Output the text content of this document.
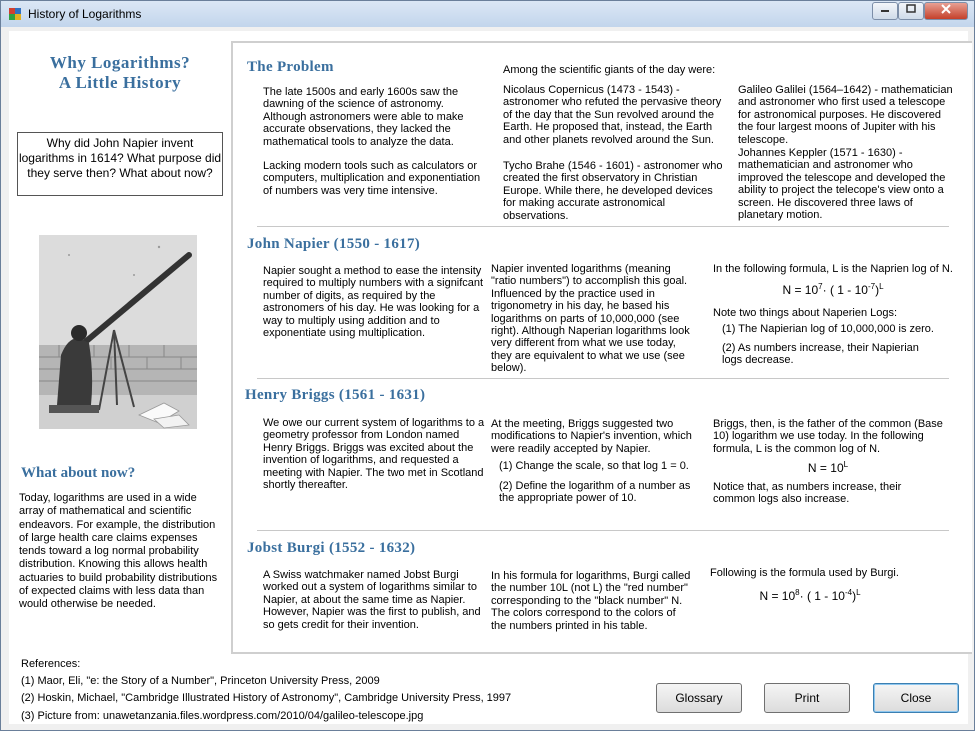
History of Logarithms
Why Logarithms?
A Little History
Why did John Napier invent logarithms in 1614? What purpose did they serve then? What about now?
What about now?
Today, logarithms are used in a wide array of mathematical and scientific endeavors. For example, the distribution of large health care claims expenses tends toward a log normal probability distribution. Knowing this allows health actuaries to build probability distributions of expected claims with less data than would otherwise be needed.
The Problem

The late 1500s and early 1600s saw the dawning of the science of astronomy. Although astronomers were able to make accurate observations, they lacked the mathematical tools to analyze the data.

Lacking modern tools such as calculators or computers, multiplication and exponentiation of numbers was very time intensive.

Among the scientific giants of the day were:
Nicolaus Copernicus (1473 - 1543) - astronomer who refuted the pervasive theory of the day that the Sun revolved around the Earth. He proposed that, instead, the Earth and other planets revolved around the Sun.
Tycho Brahe (1546 - 1601) - astronomer who created the first observatory in Christian Europe. While there, he developed devices for making accurate astronomical observations.
Galileo Galilei (1564–1642) - mathematician and astronomer who first used a telescope for astronomical purposes. He discovered the four largest moons of Jupiter with his telescope.
Johannes Keppler (1571 - 1630) - mathematician and astronomer who improved the telescope and developed the ability to project the telecope's view onto a screen. He discovered three laws of planetary motion.
John Napier (1550 - 1617)
Napier sought a method to ease the intensity required to multiply numbers with a signifcant number of digits, as required by the astronomers of his day. He was looking for a way to multiply using addition and to exponentiate using multiplication.
Napier invented logarithms (meaning "ratio numbers") to accomplish this goal. Influenced by the practice used in trigonometry in his day, he based his logarithms on parts of 10,000,000 (see right). Although Naperian logarithms look very different from what we use today, they are equivalent to what we use (see below).

In the following formula, L is the Naprien log of N.

$N = 10^7\cdot$ ( $1 - 10^{-7})^L$

Note two things about Naperien Logs:

(1) The Napierian log of 10,000,000 is zero.

(2) As numbers increase, their Napierian logs decrease.

Henry Briggs (1561 - 1631)
We owe our current system of logarithms to a geometry professor from London named Henry Briggs. Briggs was excited about the invention of logarithms, and requested a meeting with Napier. The two met in Scotland shortly thereafter.

At the meeting, Briggs suggested two modifications to Napier's invention, which were readily accepted by Napier.

(1) Change the scale, so that log 1 = 0.

(2) Define the logarithm of a number as the appropriate power of 10.

Briggs, then, is the father of the common (Base 10) logarithm we use today. In the following formula, L is the common log of N.

$N = 10^L$

Notice that, as numbers increase, their common logs also increase.

Jobst Burgi (1552 - 1632)
A Swiss watchmaker named Jobst Burgi worked out a system of logarithms similar to Napier, at about the same time as Napier. However, Napier was the first to publish, and so gets credit for their invention.
In his formula for logarithms, Burgi called the number 10L (not L) the "red number" corresponding to the "black number" N. The colors correspond to the colors of the numbers printed in his table.

Following is the formula used by Burgi.

$N = 10^8\cdot$ ( $1 - 10^{-4})^L$

References:
(1) Maor, Eli, "e: the Story of a Number", Princeton University Press, 2009
(2) Hoskin, Michael, "Cambridge Illustrated History of Astronomy", Cambridge University Press, 1997
(3) Picture from: unawetanzania.files.wordpress.com/2010/04/galileo-telescope.jpg
Glossary	Print	Close
